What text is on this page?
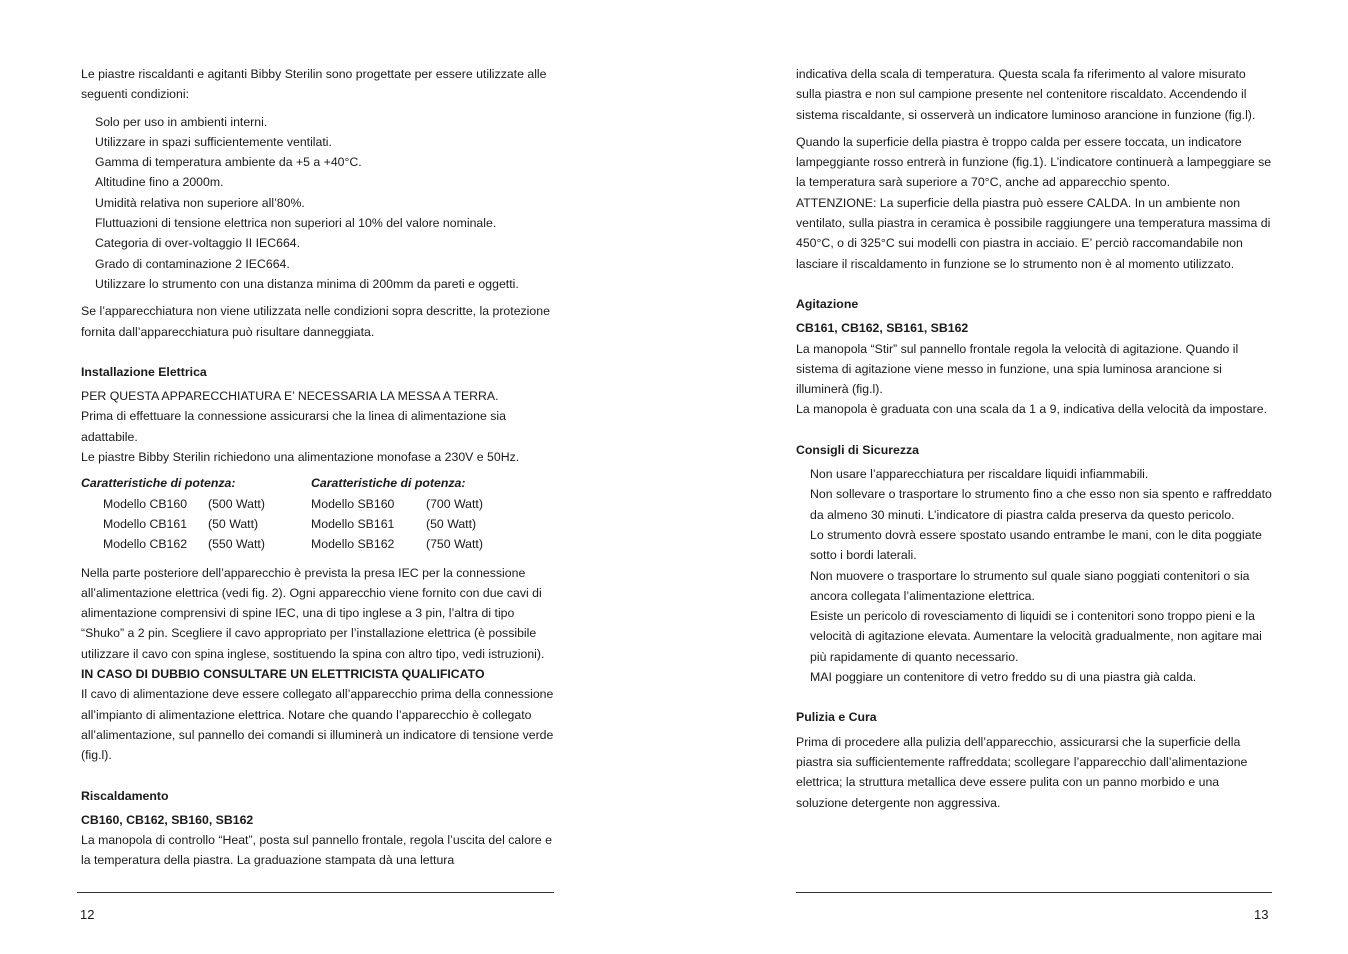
Le piastre riscaldanti e agitanti Bibby Sterilin sono progettate per essere utilizzate alle seguenti condizioni:

Solo per uso in ambienti interni.
Utilizzare in spazi sufficientemente ventilati.
Gamma di temperatura ambiente da +5 a +40°C.
Altitudine fino a 2000m.
Umidità relativa non superiore all’80%.
Fluttuazioni di tensione elettrica non superiori al 10% del valore nominale.
Categoria di over-voltaggio II IEC664.
Grado di contaminazione 2 IEC664.
Utilizzare lo strumento con una distanza minima di 200mm da pareti e oggetti.

Se l’apparecchiatura non viene utilizzata nelle condizioni sopra descritte, la protezione fornita dall’apparecchiatura può risultare danneggiata.

Installazione Elettrica
PER QUESTA APPARECCHIATURA E’ NECESSARIA LA MESSA A TERRA.
Prima di effettuare la connessione assicurarsi che la linea di alimentazione sia adattabile.
Le piastre Bibby Sterilin richiedono una alimentazione monofase a 230V e 50Hz.
Caratteristiche di potenza:
Modello CB160	(500 Watt)
Modello CB161	(50 Watt)
Modello CB162	(550 Watt)
Caratteristiche di potenza:
Modello SB160	(700 Watt)
Modello SB161	(50 Watt)
Modello SB162	(750 Watt)
Nella parte posteriore dell’apparecchio è prevista la presa IEC per la connessione all’alimentazione elettrica (vedi fig. 2). Ogni apparecchio viene fornito con due cavi di alimentazione comprensivi di spine IEC, una di tipo inglese a 3 pin, l’altra di tipo “Shuko” a 2 pin. Scegliere il cavo appropriato per l’installazione elettrica (è possibile utilizzare il cavo con spina inglese, sostituendo la spina con altro tipo, vedi istruzioni).
IN CASO DI DUBBIO CONSULTARE UN ELETTRICISTA QUALIFICATO

Il cavo di alimentazione deve essere collegato all’apparecchio prima della connessione all’impianto di alimentazione elettrica. Notare che quando l’apparecchio è collegato all’alimentazione, sul pannello dei comandi si illuminerà un indicatore di tensione verde (fig.l).

Riscaldamento
CB160, CB162, SB160, SB162
La manopola di controllo “Heat”, posta sul pannello frontale, regola l’uscita del calore e la temperatura della piastra. La graduazione stampata dà una lettura
12

indicativa della scala di temperatura. Questa scala fa riferimento al valore misurato sulla piastra e non sul campione presente nel contenitore riscaldato. Accendendo il sistema riscaldante, si osserverà un indicatore luminoso arancione in funzione (fig.l).

Quando la superficie della piastra è troppo calda per essere toccata, un indicatore lampeggiante rosso entrerà in funzione (fig.1). L’indicatore continuerà a lampeggiare se la temperatura sarà superiore a 70°C, anche ad apparecchio spento.

ATTENZIONE: La superficie della piastra può essere CALDA. In un ambiente non ventilato, sulla piastra in ceramica è possibile raggiungere una temperatura massima di 450°C, o di 325°C sui modelli con piastra in acciaio. E’ perciò raccomandabile non lasciare il riscaldamento in funzione se lo strumento non è al momento utilizzato.

Agitazione
CB161, CB162, SB161, SB162
La manopola “Stir” sul pannello frontale regola la velocità di agitazione. Quando il sistema di agitazione viene messo in funzione, una spia luminosa arancione si illuminerà (fig.l).

La manopola è graduata con una scala da 1 a 9, indicativa della velocità da impostare.

Consigli di Sicurezza
Non usare l’apparecchiatura per riscaldare liquidi infiammabili.
Non sollevare o trasportare lo strumento fino a che esso non sia spento e raffreddato da almeno 30 minuti. L’indicatore di piastra calda preserva da questo pericolo.
Lo strumento dovrà essere spostato usando entrambe le mani, con le dita poggiate sotto i bordi laterali.
Non muovere o trasportare lo strumento sul quale siano poggiati contenitori o sia ancora collegata l’alimentazione elettrica.
Esiste un pericolo di rovesciamento di liquidi se i contenitori sono troppo pieni e la velocità di agitazione elevata. Aumentare la velocità gradualmente, non agitare mai più rapidamente di quanto necessario.
MAI poggiare un contenitore di vetro freddo su di una piastra già calda.
Pulizia e Cura
Prima di procedere alla pulizia dell’apparecchio, assicurarsi che la superficie della piastra sia sufficientemente raffreddata; scollegare l’apparecchio dall’alimentazione elettrica; la struttura metallica deve essere pulita con un panno morbido e una soluzione detergente non aggressiva.
13
